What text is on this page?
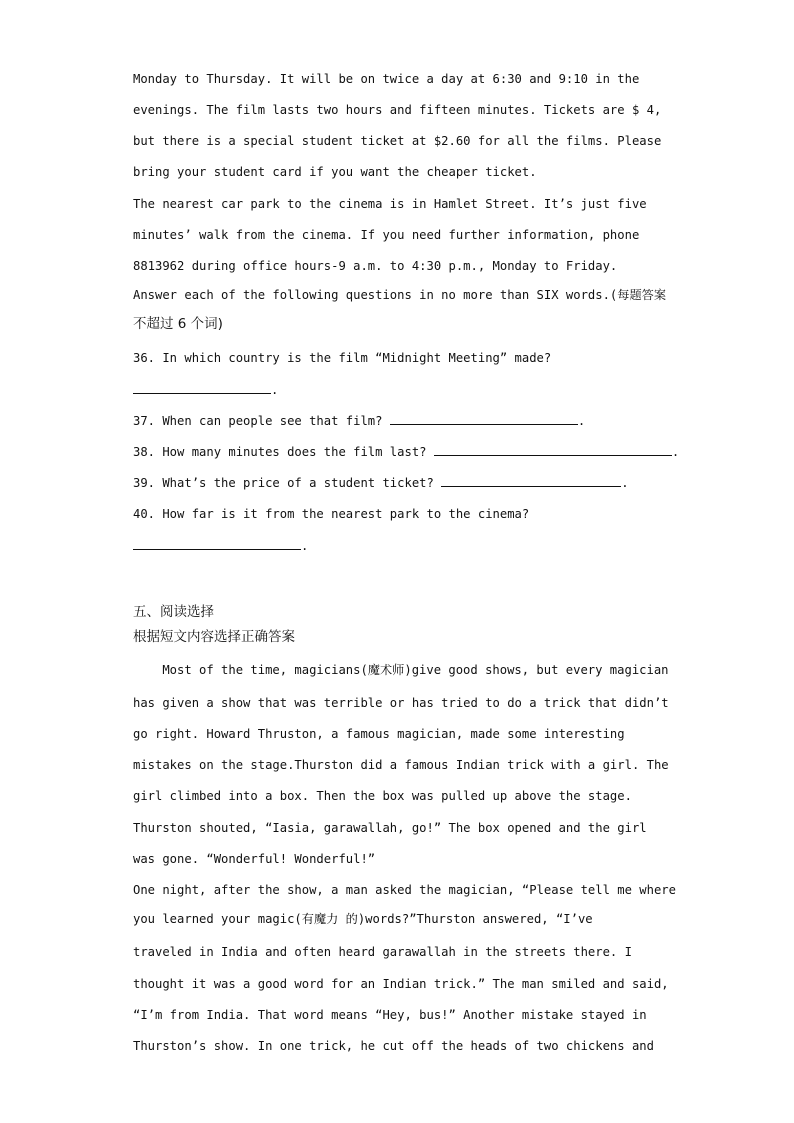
Monday to Thursday. It will be on twice a day at 6:30 and 9:10 in the
evenings. The film lasts two hours and fifteen minutes. Tickets are $ 4,
but there is a special student ticket at $2.60 for all the films. Please
bring your student card if you want the cheaper ticket.
The nearest car park to the cinema is in Hamlet Street. It’s just five
minutes’ walk from the cinema. If you need further information, phone
8813962 during office hours-9 a.m. to 4:30 p.m., Monday to Friday.
Answer each of the following questions in no more than SIX words.(每题答案
不超过 6 个词)
36. In which country is the film “Midnight Meeting” made?
.
37. When can people see that film?	.
38. How many minutes does the film last?	.
39. What’s the price of a student ticket?	.
40. How far is it from the nearest park to the cinema?
.
五、阅读选择
根据短文内容选择正确答案
Most of the time, magicians(魔术师)give good shows, but every magician
has given a show that was terrible or has tried to do a trick that didn’t
go right. Howard Thruston, a famous magician, made some interesting
mistakes on the stage.Thurston did a famous Indian trick with a girl. The
girl climbed into a box. Then the box was pulled up above the stage.
Thurston shouted, “Iasia, garawallah, go!” The box opened and the girl
was gone. “Wonderful! Wonderful!”
One night, after the show, a man asked the magician, “Please tell me where
you learned your magic(有魔力 的)words?”Thurston answered, “I’ve
traveled in India and often heard garawallah in the streets there. I
thought it was a good word for an Indian trick.” The man smiled and said,
“I’m from India. That word means “Hey, bus!” Another mistake stayed in
Thurston’s show. In one trick, he cut off the heads of two chickens and
